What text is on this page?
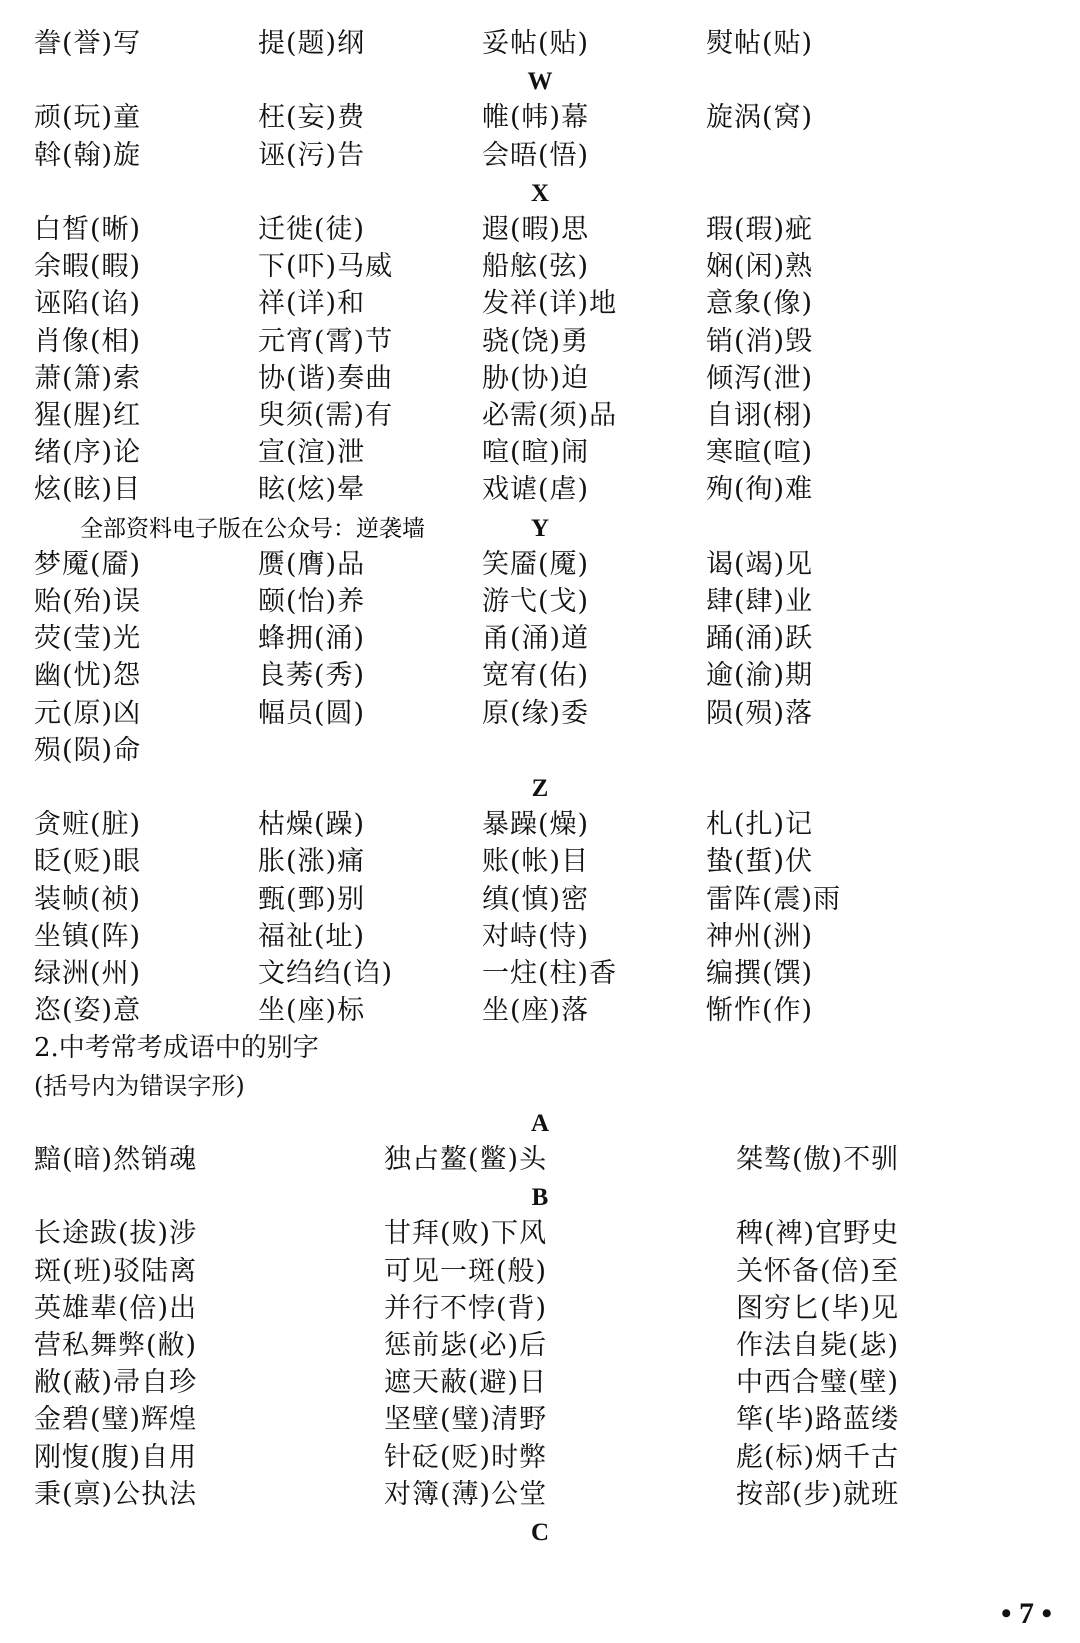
誊(誉)写	提(题)纲	妥帖(贴)	熨帖(贴)
W
顽(玩)童	枉(妄)费	帷(帏)幕	旋涡(窝)
斡(翰)旋	诬(污)告	会晤(悟)
X
白皙(晰)	迁徙(徒)	遐(暇)思	瑕(瑕)疵
余暇(睱)	下(吓)马威	船舷(弦)	娴(闲)熟
诬陷(谄)	祥(详)和	发祥(详)地	意象(像)
肖像(相)	元宵(霄)节	骁(饶)勇	销(消)毁
萧(箫)索	协(谐)奏曲	胁(协)迫	倾泻(泄)
猩(腥)红	臾须(需)有	必需(须)品	自诩(栩)
绪(序)论	宣(渲)泄	喧(暄)闹	寒暄(喧)
炫(眩)目	眩(炫)晕	戏谑(虐)	殉(徇)难
全部资料电子版在公众号：逆袭墙	Y
梦魇(靥)	赝(膺)品	笑靥(魇)	谒(竭)见
贻(殆)误	颐(怡)养	游弋(戈)	肆(肆)业
荧(莹)光	蜂拥(涌)	甬(涌)道	踊(涌)跃
幽(忧)怨	良莠(秀)	宽宥(佑)	逾(渝)期
元(原)凶	幅员(圆)	原(缘)委	陨(殒)落
殒(陨)命
Z
贪赃(脏)	枯燥(躁)	暴躁(燥)	札(扎)记
眨(贬)眼	胀(涨)痛	账(帐)目	蛰(蜇)伏
装帧(祯)	甄(鄄)别	缜(慎)密	雷阵(震)雨
坐镇(阵)	福祉(址)	对峙(恃)	神州(洲)
绿洲(州)	文绉绉(诌)	一炷(柱)香	编撰(馔)
恣(姿)意	坐(座)标	坐(座)落	惭怍(作)
2.中考常考成语中的别字
(括号内为错误字形)
A
黯(暗)然销魂	独占鳌(鳖)头	桀骜(傲)不驯
B
长途跋(拔)涉	甘拜(败)下风	稗(裨)官野史
斑(班)驳陆离	可见一斑(般)	关怀备(倍)至
英雄辈(倍)出	并行不悖(背)	图穷匕(毕)见
营私舞弊(敝)	惩前毖(必)后	作法自毙(毖)
敝(蔽)帚自珍	遮天蔽(避)日	中西合璧(壁)
金碧(璧)辉煌	坚壁(璧)清野	筚(毕)路蓝缕
刚愎(腹)自用	针砭(贬)时弊	彪(标)炳千古
秉(禀)公执法	对簿(薄)公堂	按部(步)就班
C
• 7 •
